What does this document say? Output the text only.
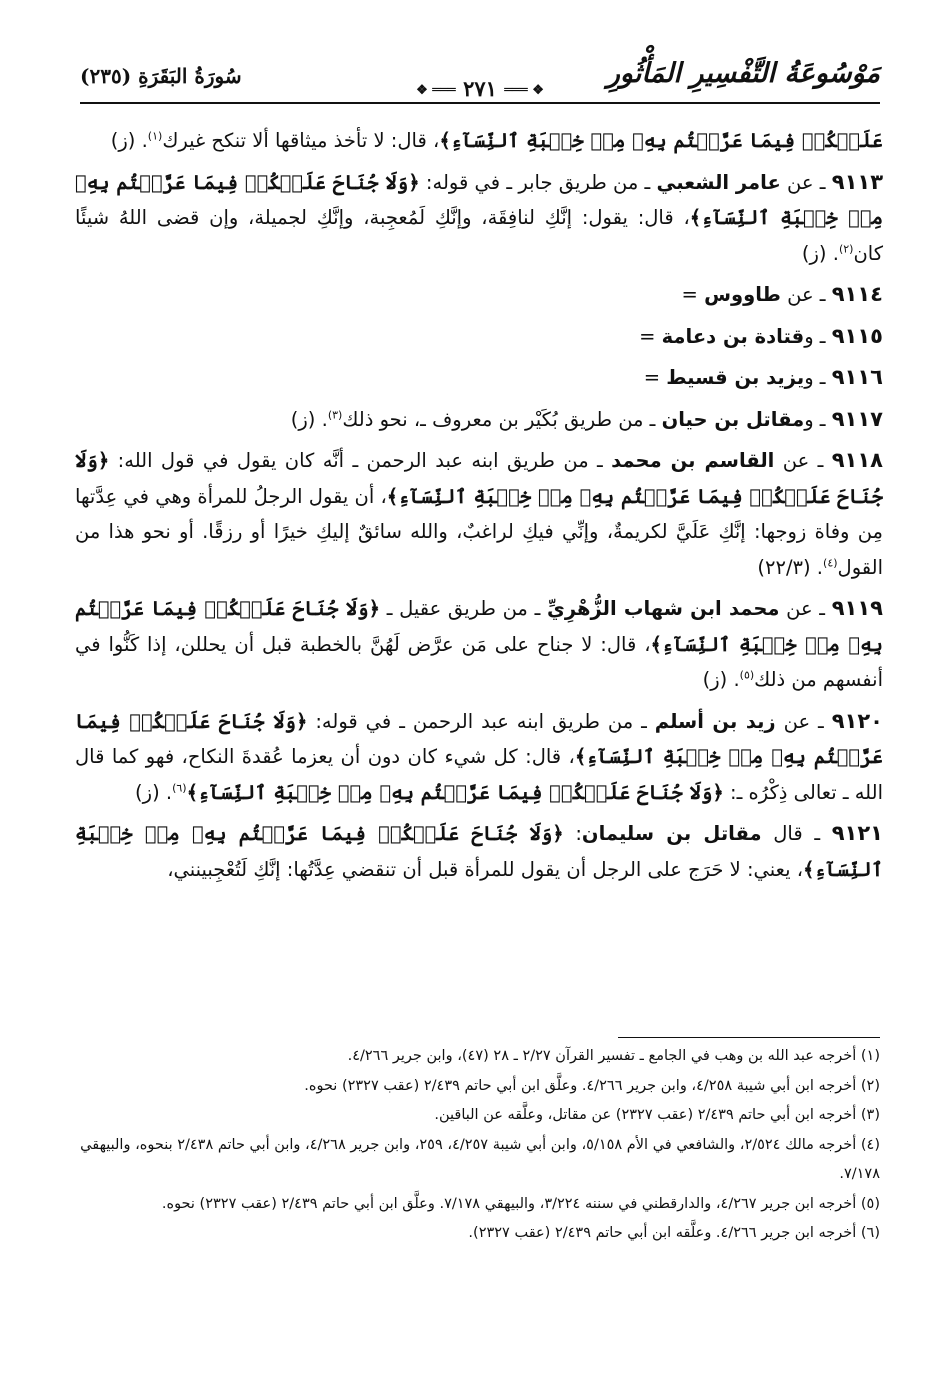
مَوْسُوعَةُ التَّفْسِيرِ المَأْثُورِ
❖ ═══ ٢٧١ ═══ ❖
سُورَةُ البَقَرَةِ (٢٣٥)

عَلَيۡكُمۡ فِيمَا عَرَّضۡتُم بِهِۦ مِنۡ خِطۡبَةِ ٱلنِّسَآءِ﴾، قال: لا تأخذ ميثاقها ألا تنكح غيرك$^{(١)}$. (ز)

٩١١٣ ـ عن عامر الشعبي ـ من طريق جابر ـ في قوله: ﴿وَلَا جُنَاحَ عَلَيۡكُمۡ فِيمَا عَرَّضۡتُم بِهِۦ مِنۡ خِطۡبَةِ ٱلنِّسَآءِ﴾، قال: يقول: إنَّكِ لنافِقَة، وإنَّكِ لَمُعجِبة، وإنَّكِ لجميلة، وإن قضى اللهُ شيئًا كان$^{(٢)}$. (ز)

٩١١٤ ـ عن طاووس =

٩١١٥ ـ وقتادة بن دعامة =

٩١١٦ ـ ويزيد بن قسيط =

٩١١٧ ـ ومقاتل بن حيان ـ من طريق بُكَيْر بن معروف ـ، نحو ذلك$^{(٣)}$. (ز)

٩١١٨ ـ عن القاسم بن محمد ـ من طريق ابنه عبد الرحمن ـ أنَّه كان يقول في قول الله: ﴿وَلَا جُنَاحَ عَلَيۡكُمۡ فِيمَا عَرَّضۡتُم بِهِۦ مِنۡ خِطۡبَةِ ٱلنِّسَآءِ﴾، أن يقول الرجلُ للمرأة وهي في عِدَّتها مِن وفاة زوجها: إنَّكِ عَلَيَّ لكريمةٌ، وإنِّي فيكِ لراغبٌ، والله سائقٌ إليكِ خيرًا أو رزقًا. أو نحو هذا من القول$^{(٤)}$. (٢٢/٣)

٩١١٩ ـ عن محمد ابن شهاب الزُّهْرِيِّ ـ من طريق عقيل ـ ﴿وَلَا جُنَاحَ عَلَيۡكُمۡ فِيمَا عَرَّضۡتُم بِهِۦ مِنۡ خِطۡبَةِ ٱلنِّسَآءِ﴾، قال: لا جناح على مَن عرَّض لَهُنَّ بالخطبة قبل أن يحللن، إذا كَنُّوا في أنفسهم من ذلك$^{(٥)}$. (ز)

٩١٢٠ ـ عن زيد بن أسلم ـ من طريق ابنه عبد الرحمن ـ في قوله: ﴿وَلَا جُنَاحَ عَلَيۡكُمۡ فِيمَا عَرَّضۡتُم بِهِۦ مِنۡ خِطۡبَةِ ٱلنِّسَآءِ﴾، قال: كل شيء كان دون أن يعزما عُقدةَ النكاح، فهو كما قال الله ـ تعالى ذِكْرُه ـ: ﴿وَلَا جُنَاحَ عَلَيۡكُمۡ فِيمَا عَرَّضۡتُم بِهِۦ مِنۡ خِطۡبَةِ ٱلنِّسَآءِ﴾$^{(٦)}$. (ز)

٩١٢١ ـ قال مقاتل بن سليمان: ﴿وَلَا جُنَاحَ عَلَيۡكُمۡ فِيمَا عَرَّضۡتُم بِهِۦ مِنۡ خِطۡبَةِ ٱلنِّسَآءِ﴾، يعني: لا حَرَج على الرجل أن يقول للمرأة قبل أن تنقضي عِدَّتُها: إنَّكِ لَتُعْجِبينني،

(١) أخرجه عبد الله بن وهب في الجامع ـ تفسير القرآن ٢/٢٧ ـ ٢٨ (٤٧)، وابن جرير ٤/٢٦٦.

(٢) أخرجه ابن أبي شيبة ٤/٢٥٨، وابن جرير ٤/٢٦٦. وعلَّق ابن أبي حاتم ٢/٤٣٩ (عقب ٢٣٢٧) نحوه.

(٣) أخرجه ابن أبي حاتم ٢/٤٣٩ (عقب ٢٣٢٧) عن مقاتل، وعلَّقه عن الباقين.

(٤) أخرجه مالك ٢/٥٢٤، والشافعي في الأم ٥/١٥٨، وابن أبي شيبة ٤/٢٥٧، ٢٥٩، وابن جرير ٤/٢٦٨، وابن أبي حاتم ٢/٤٣٨ بنحوه، والبيهقي ٧/١٧٨.

(٥) أخرجه ابن جرير ٤/٢٦٧، والدارقطني في سننه ٣/٢٢٤، والبيهقي ٧/١٧٨. وعلَّق ابن أبي حاتم ٢/٤٣٩ (عقب ٢٣٢٧) نحوه.

(٦) أخرجه ابن جرير ٤/٢٦٦. وعلَّقه ابن أبي حاتم ٢/٤٣٩ (عقب ٢٣٢٧).
